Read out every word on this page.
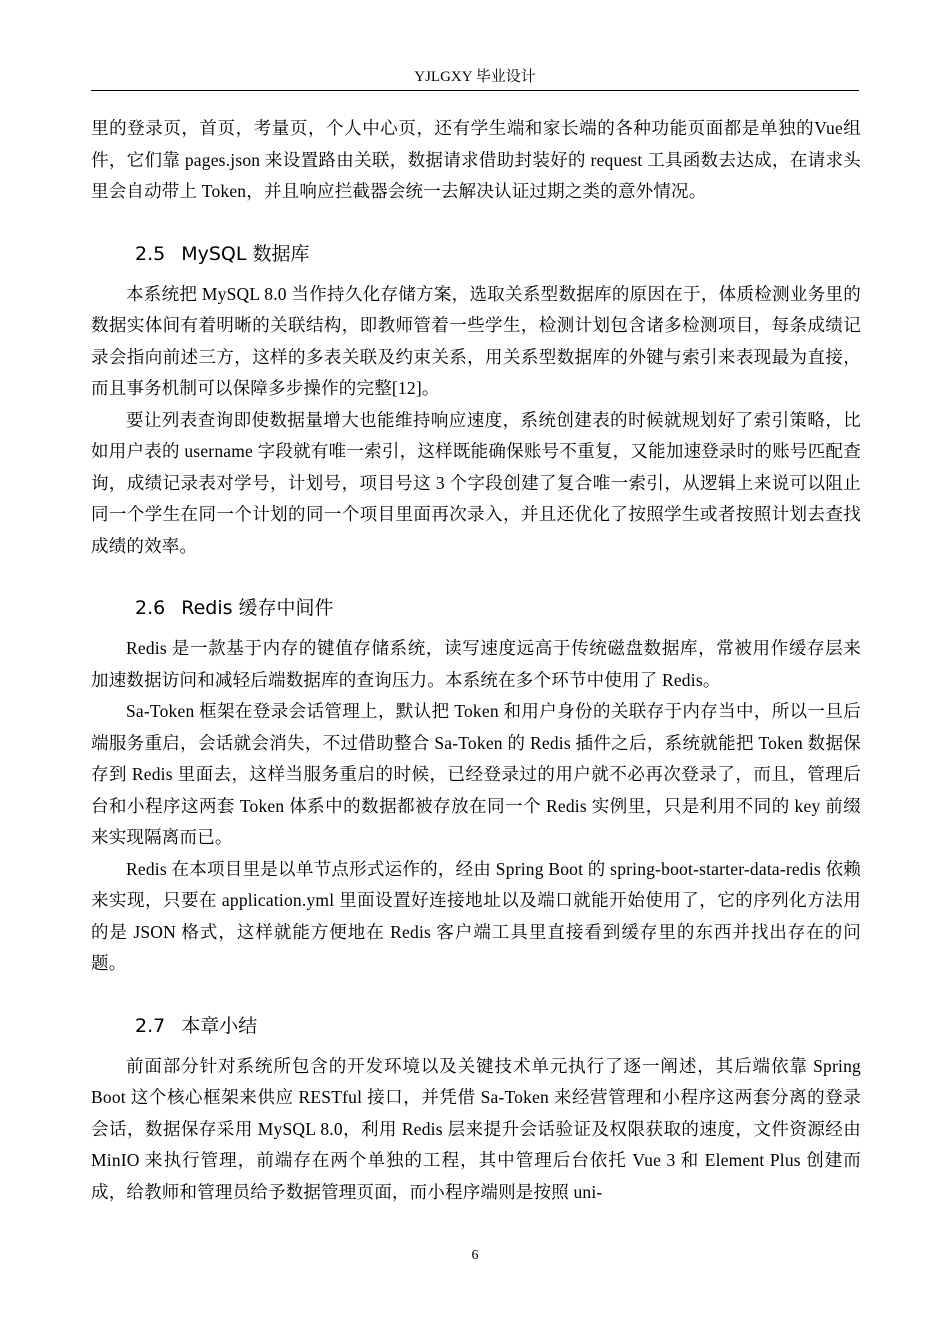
YJLGXY 毕业设计

里的登录页，首页，考量页，个人中心页，还有学生端和家长端的各种功能页面都是单独的Vue组件，它们靠 pages.json 来设置路由关联，数据请求借助封装好的 request 工具函数去达成，在请求头里会自动带上 Token，并且响应拦截器会统一去解决认证过期之类的意外情况。

2.5 MySQL 数据库

本系统把 MySQL 8.0 当作持久化存储方案，选取关系型数据库的原因在于，体质检测业务里的数据实体间有着明晰的关联结构，即教师管着一些学生，检测计划包含诸多检测项目，每条成绩记录会指向前述三方，这样的多表关联及约束关系，用关系型数据库的外键与索引来表现最为直接，而且事务机制可以保障多步操作的完整[12]。

要让列表查询即使数据量增大也能维持响应速度，系统创建表的时候就规划好了索引策略，比如用户表的 username 字段就有唯一索引，这样既能确保账号不重复，又能加速登录时的账号匹配查询，成绩记录表对学号，计划号，项目号这 3 个字段创建了复合唯一索引，从逻辑上来说可以阻止同一个学生在同一个计划的同一个项目里面再次录入，并且还优化了按照学生或者按照计划去查找成绩的效率。

2.6 Redis 缓存中间件

Redis 是一款基于内存的键值存储系统，读写速度远高于传统磁盘数据库，常被用作缓存层来加速数据访问和减轻后端数据库的查询压力。本系统在多个环节中使用了 Redis。

Sa-Token 框架在登录会话管理上，默认把 Token 和用户身份的关联存于内存当中，所以一旦后端服务重启，会话就会消失，不过借助整合 Sa-Token 的 Redis 插件之后，系统就能把 Token 数据保存到 Redis 里面去，这样当服务重启的时候，已经登录过的用户就不必再次登录了，而且，管理后台和小程序这两套 Token 体系中的数据都被存放在同一个 Redis 实例里，只是利用不同的 key 前缀来实现隔离而已。

Redis 在本项目里是以单节点形式运作的，经由 Spring Boot 的 spring-boot-starter-data-redis 依赖来实现，只要在 application.yml 里面设置好连接地址以及端口就能开始使用了，它的序列化方法用的是 JSON 格式，这样就能方便地在 Redis 客户端工具里直接看到缓存里的东西并找出存在的问题。

2.7 本章小结

前面部分针对系统所包含的开发环境以及关键技术单元执行了逐一阐述，其后端依靠 Spring Boot 这个核心框架来供应 RESTful 接口，并凭借 Sa-Token 来经营管理和小程序这两套分离的登录会话，数据保存采用 MySQL 8.0，利用 Redis 层来提升会话验证及权限获取的速度，文件资源经由 MinIO 来执行管理，前端存在两个单独的工程，其中管理后台依托 Vue 3 和 Element Plus 创建而成，给教师和管理员给予数据管理页面，而小程序端则是按照 uni-

6
